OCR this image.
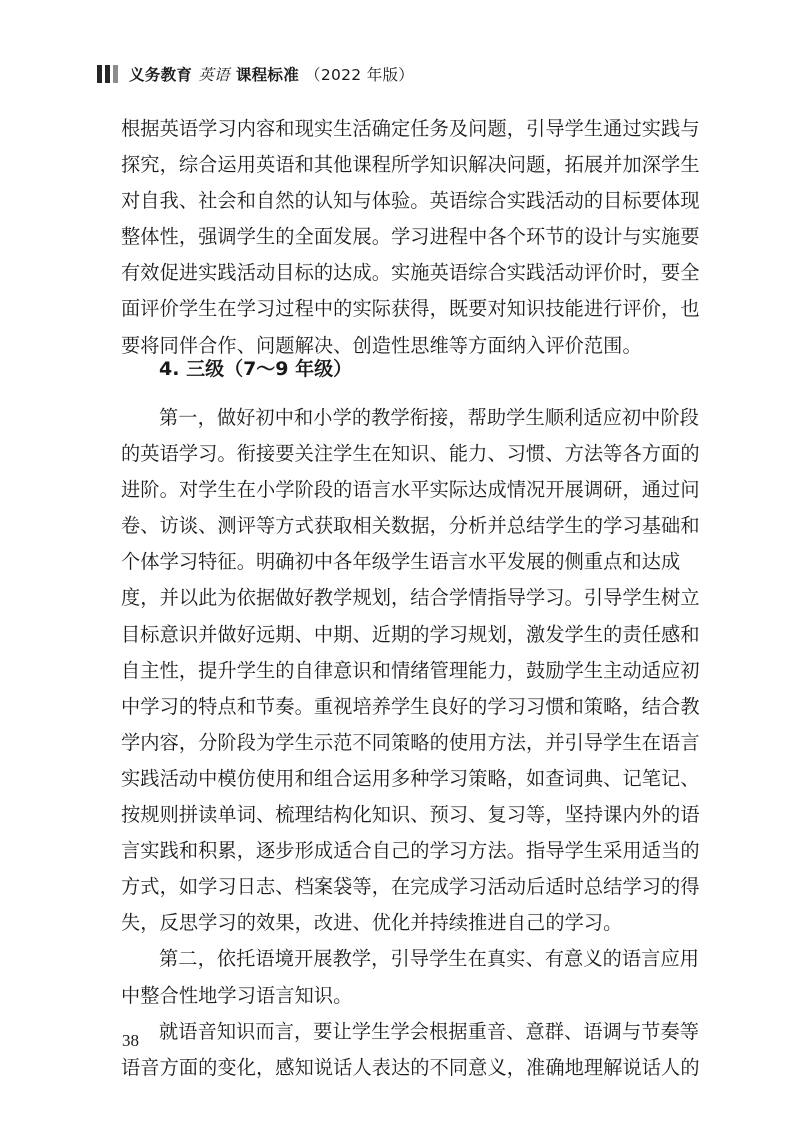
义务教育 英语 课程标准 （2022 年版）
根据英语学习内容和现实生活确定任务及问题，引导学生通过实践与
探究，综合运用英语和其他课程所学知识解决问题，拓展并加深学生
对自我、社会和自然的认知与体验。英语综合实践活动的目标要体现
整体性，强调学生的全面发展。学习进程中各个环节的设计与实施要
有效促进实践活动目标的达成。实施英语综合实践活动评价时，要全
面评价学生在学习过程中的实际获得，既要对知识技能进行评价，也
要将同伴合作、问题解决、创造性思维等方面纳入评价范围。
4. 三级（7～9 年级）
第一，做好初中和小学的教学衔接，帮助学生顺利适应初中阶段
的英语学习。衔接要关注学生在知识、能力、习惯、方法等各方面的
进阶。对学生在小学阶段的语言水平实际达成情况开展调研，通过问
卷、访谈、测评等方式获取相关数据，分析并总结学生的学习基础和
个体学习特征。明确初中各年级学生语言水平发展的侧重点和达成
度，并以此为依据做好教学规划，结合学情指导学习。引导学生树立
目标意识并做好远期、中期、近期的学习规划，激发学生的责任感和
自主性，提升学生的自律意识和情绪管理能力，鼓励学生主动适应初
中学习的特点和节奏。重视培养学生良好的学习习惯和策略，结合教
学内容，分阶段为学生示范不同策略的使用方法，并引导学生在语言
实践活动中模仿使用和组合运用多种学习策略，如查词典、记笔记、
按规则拼读单词、梳理结构化知识、预习、复习等，坚持课内外的语
言实践和积累，逐步形成适合自己的学习方法。指导学生采用适当的
方式，如学习日志、档案袋等，在完成学习活动后适时总结学习的得
失，反思学习的效果，改进、优化并持续推进自己的学习。
第二，依托语境开展教学，引导学生在真实、有意义的语言应用
中整合性地学习语言知识。
就语音知识而言，要让学生学会根据重音、意群、语调与节奏等
语音方面的变化，感知说话人表达的不同意义，准确地理解说话人的
38
